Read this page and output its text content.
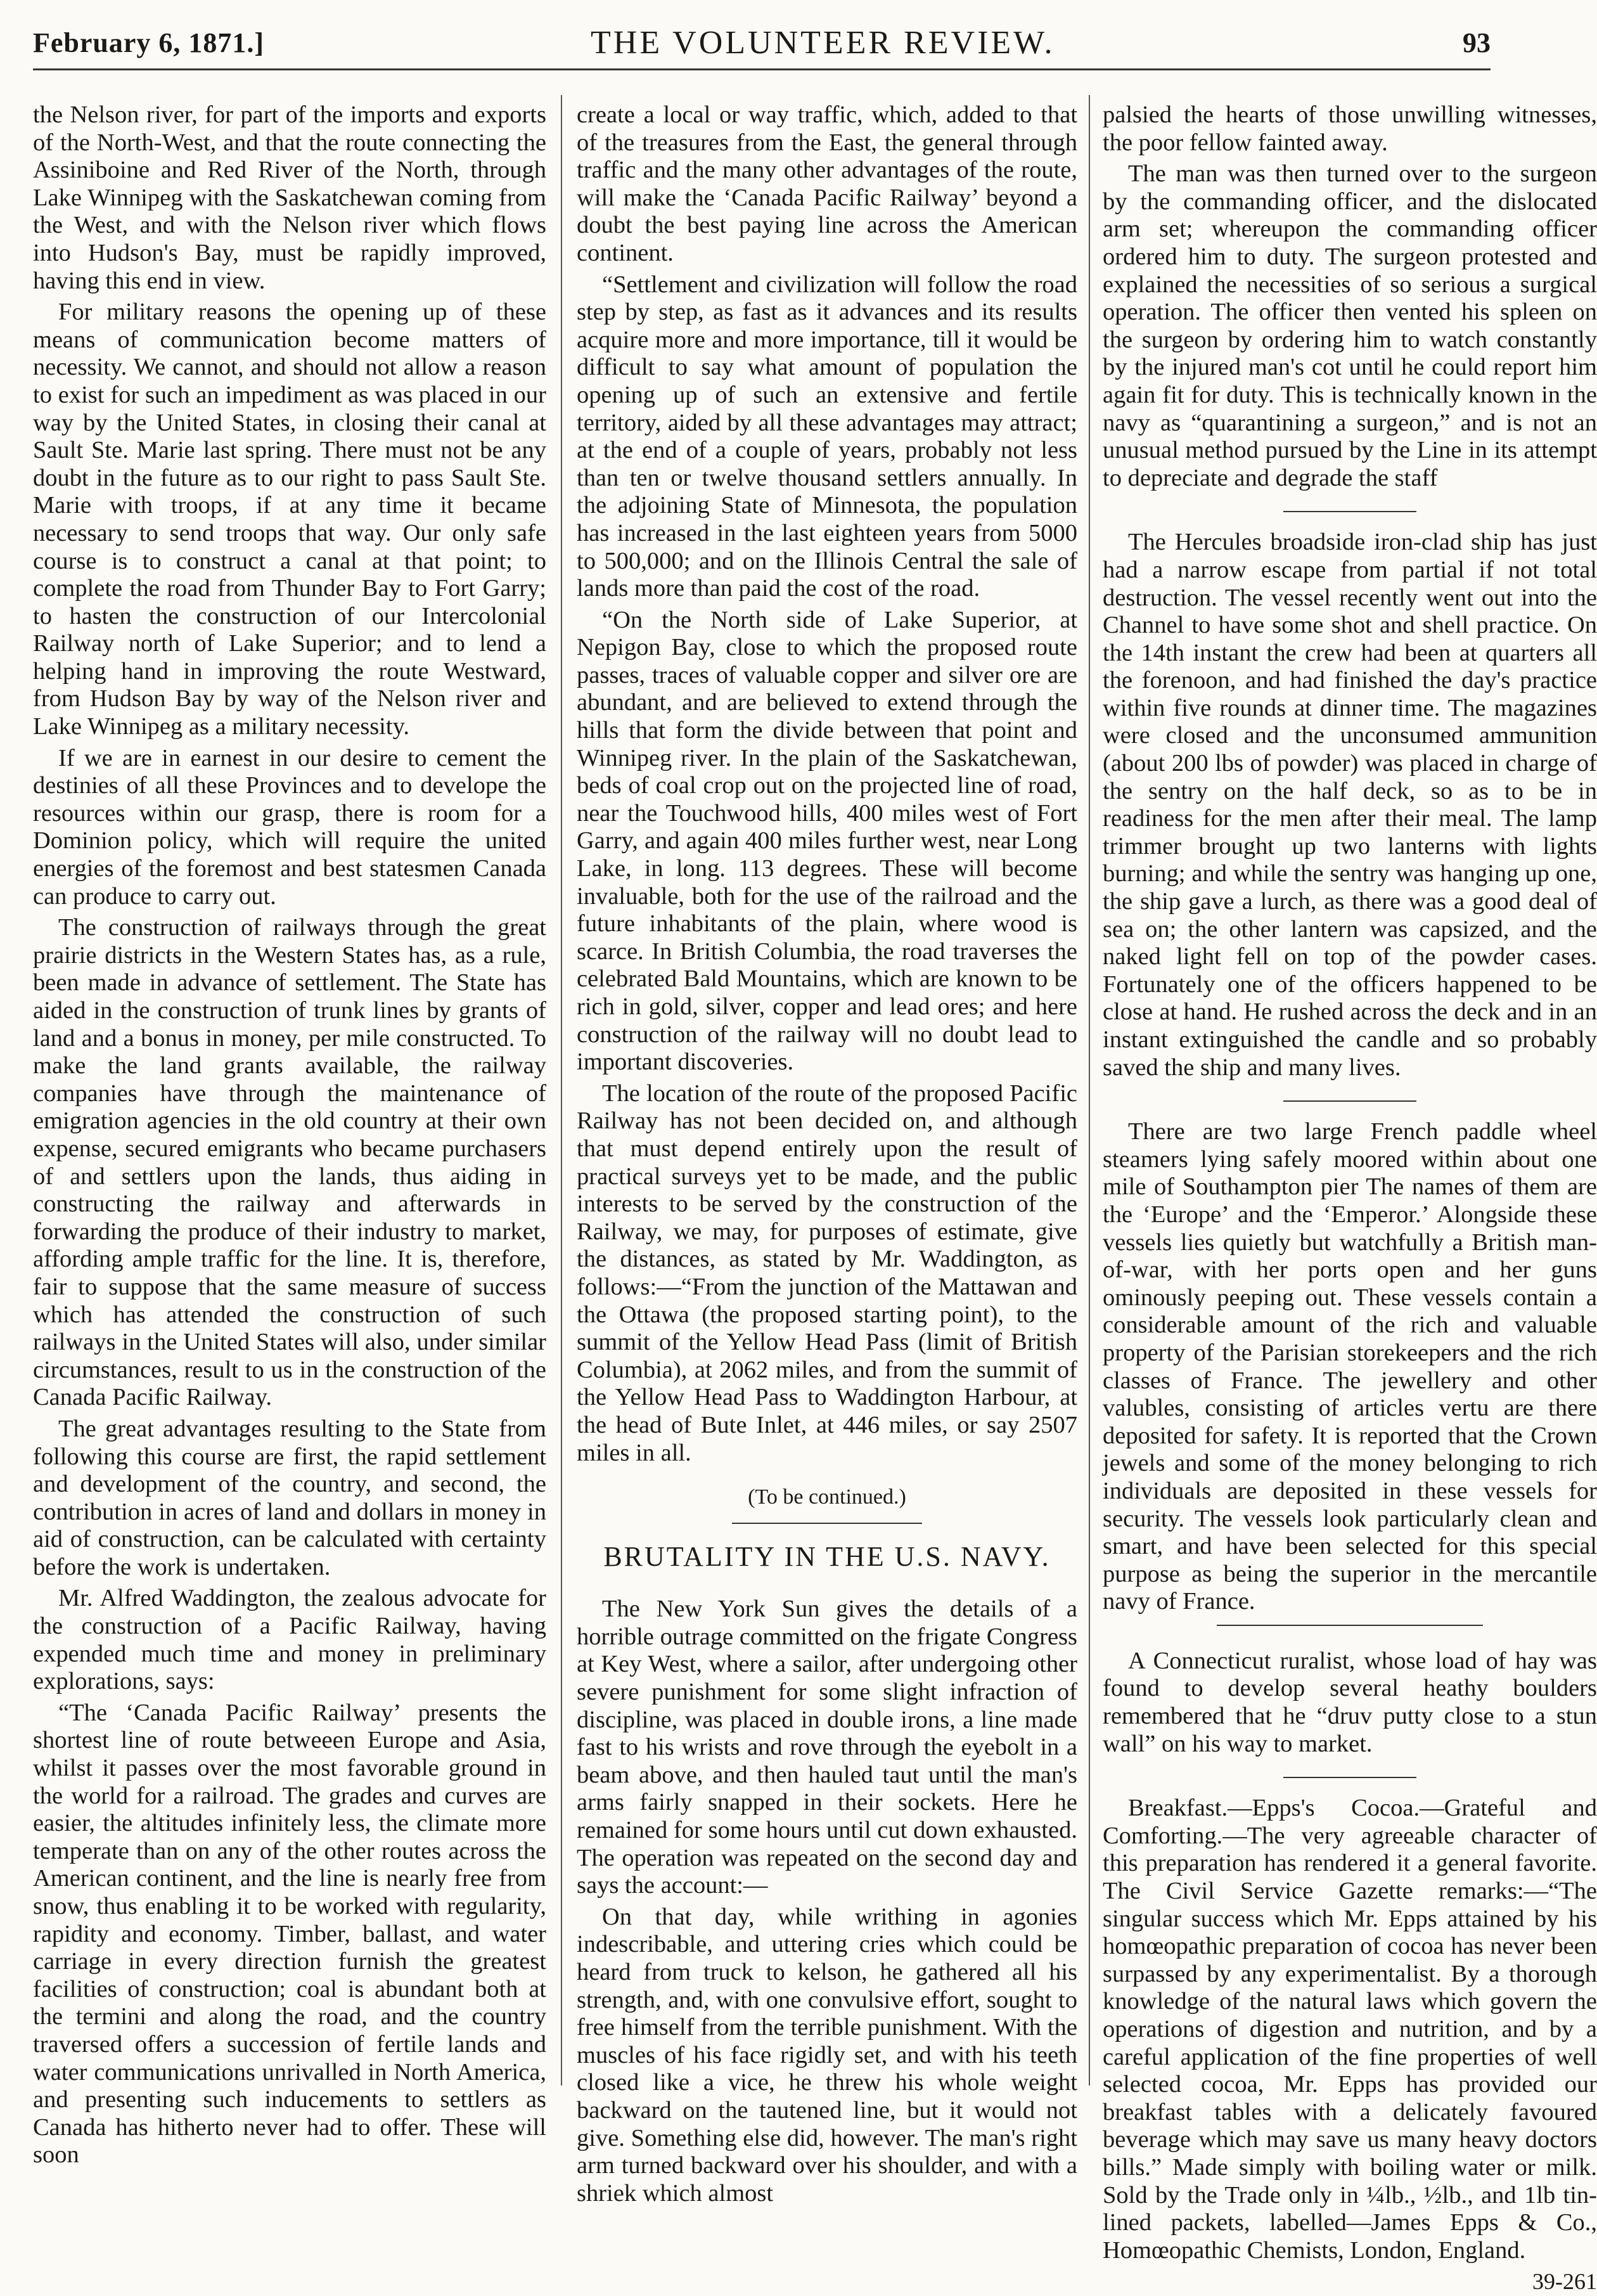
February 6, 1871.]	THE VOLUNTEER REVIEW.	93

the Nelson river, for part of the imports and exports of the North-West, and that the route connecting the Assiniboine and Red River of the North, through Lake Winnipeg with the Saskatchewan coming from the West, and with the Nelson river which flows into Hudson's Bay, must be rapidly improved, having this end in view.

For military reasons the opening up of these means of communication become matters of necessity. We cannot, and should not allow a reason to exist for such an impediment as was placed in our way by the United States, in closing their canal at Sault Ste. Marie last spring. There must not be any doubt in the future as to our right to pass Sault Ste. Marie with troops, if at any time it became necessary to send troops that way. Our only safe course is to construct a canal at that point; to complete the road from Thunder Bay to Fort Garry; to hasten the construction of our Intercolonial Railway north of Lake Superior; and to lend a helping hand in improving the route Westward, from Hudson Bay by way of the Nelson river and Lake Winnipeg as a military necessity.

If we are in earnest in our desire to cement the destinies of all these Provinces and to develope the resources within our grasp, there is room for a Dominion policy, which will require the united energies of the foremost and best statesmen Canada can produce to carry out.

The construction of railways through the great prairie districts in the Western States has, as a rule, been made in advance of settlement. The State has aided in the construction of trunk lines by grants of land and a bonus in money, per mile constructed. To make the land grants available, the railway companies have through the maintenance of emigration agencies in the old country at their own expense, secured emigrants who became purchasers of and settlers upon the lands, thus aiding in constructing the railway and afterwards in forwarding the produce of their industry to market, affording ample traffic for the line. It is, therefore, fair to suppose that the same measure of success which has attended the construction of such railways in the United States will also, under similar circumstances, result to us in the construction of the Canada Pacific Railway.

The great advantages resulting to the State from following this course are first, the rapid settlement and development of the country, and second, the contribution in acres of land and dollars in money in aid of construction, can be calculated with certainty before the work is undertaken.

Mr. Alfred Waddington, the zealous advocate for the construction of a Pacific Railway, having expended much time and money in preliminary explorations, says:

“The ‘Canada Pacific Railway’ presents the shortest line of route betweeen Europe and Asia, whilst it passes over the most favorable ground in the world for a railroad. The grades and curves are easier, the altitudes infinitely less, the climate more temperate than on any of the other routes across the American continent, and the line is nearly free from snow, thus enabling it to be worked with regularity, rapidity and economy. Timber, ballast, and water carriage in every direction furnish the greatest facilities of construction; coal is abundant both at the termini and along the road, and the country traversed offers a succession of fertile lands and water communications unrivalled in North America, and presenting such inducements to settlers as Canada has hitherto never had to offer. These will soon

create a local or way traffic, which, added to that of the treasures from the East, the general through traffic and the many other advantages of the route, will make the ‘Canada Pacific Railway’ beyond a doubt the best paying line across the American continent.

“Settlement and civilization will follow the road step by step, as fast as it advances and its results acquire more and more importance, till it would be difficult to say what amount of population the opening up of such an extensive and fertile territory, aided by all these advantages may attract; at the end of a couple of years, probably not less than ten or twelve thousand settlers annually. In the adjoining State of Minnesota, the population has increased in the last eighteen years from 5000 to 500,000; and on the Illinois Central the sale of lands more than paid the cost of the road.

“On the North side of Lake Superior, at Nepigon Bay, close to which the proposed route passes, traces of valuable copper and silver ore are abundant, and are believed to extend through the hills that form the divide between that point and Winnipeg river. In the plain of the Saskatchewan, beds of coal crop out on the projected line of road, near the Touchwood hills, 400 miles west of Fort Garry, and again 400 miles further west, near Long Lake, in long. 113 degrees. These will become invaluable, both for the use of the railroad and the future inhabitants of the plain, where wood is scarce. In British Columbia, the road traverses the celebrated Bald Mountains, which are known to be rich in gold, silver, copper and lead ores; and here construction of the railway will no doubt lead to important discoveries.

The location of the route of the proposed Pacific Railway has not been decided on, and although that must depend entirely upon the result of practical surveys yet to be made, and the public interests to be served by the construction of the Railway, we may, for purposes of estimate, give the distances, as stated by Mr. Waddington, as follows:—“From the junction of the Mattawan and the Ottawa (the proposed starting point), to the summit of the Yellow Head Pass (limit of British Columbia), at 2062 miles, and from the summit of the Yellow Head Pass to Waddington Harbour, at the head of Bute Inlet, at 446 miles, or say 2507 miles in all.

(To be continued.)

BRUTALITY IN THE U.S. NAVY.

The New York Sun gives the details of a horrible outrage committed on the frigate Congress at Key West, where a sailor, after undergoing other severe punishment for some slight infraction of discipline, was placed in double irons, a line made fast to his wrists and rove through the eyebolt in a beam above, and then hauled taut until the man's arms fairly snapped in their sockets. Here he remained for some hours until cut down exhausted. The operation was repeated on the second day and says the account:—

On that day, while writhing in agonies indescribable, and uttering cries which could be heard from truck to kelson, he gathered all his strength, and, with one convulsive effort, sought to free himself from the terrible punishment. With the muscles of his face rigidly set, and with his teeth closed like a vice, he threw his whole weight backward on the tautened line, but it would not give. Something else did, however. The man's right arm turned backward over his shoulder, and with a shriek which almost

palsied the hearts of those unwilling witnesses, the poor fellow fainted away.

The man was then turned over to the surgeon by the commanding officer, and the dislocated arm set; whereupon the commanding officer ordered him to duty. The surgeon protested and explained the necessities of so serious a surgical operation. The officer then vented his spleen on the surgeon by ordering him to watch constantly by the injured man's cot until he could report him again fit for duty. This is technically known in the navy as “quarantining a surgeon,” and is not an unusual method pursued by the Line in its attempt to depreciate and degrade the staff

The Hercules broadside iron-clad ship has just had a narrow escape from partial if not total destruction. The vessel recently went out into the Channel to have some shot and shell practice. On the 14th instant the crew had been at quarters all the forenoon, and had finished the day's practice within five rounds at dinner time. The magazines were closed and the unconsumed ammunition (about 200 lbs of powder) was placed in charge of the sentry on the half deck, so as to be in readiness for the men after their meal. The lamp trimmer brought up two lanterns with lights burning; and while the sentry was hanging up one, the ship gave a lurch, as there was a good deal of sea on; the other lantern was capsized, and the naked light fell on top of the powder cases. Fortunately one of the officers happened to be close at hand. He rushed across the deck and in an instant extinguished the candle and so probably saved the ship and many lives.

There are two large French paddle wheel steamers lying safely moored within about one mile of Southampton pier The names of them are the ‘Europe’ and the ‘Emperor.’ Alongside these vessels lies quietly but watchfully a British man-of-war, with her ports open and her guns ominously peeping out. These vessels contain a considerable amount of the rich and valuable property of the Parisian storekeepers and the rich classes of France. The jewellery and other valubles, consisting of articles vertu are there deposited for safety. It is reported that the Crown jewels and some of the money belonging to rich individuals are deposited in these vessels for security. The vessels look particularly clean and smart, and have been selected for this special purpose as being the superior in the mercantile navy of France.

A Connecticut ruralist, whose load of hay was found to develop several heathy boulders remembered that he “druv putty close to a stun wall” on his way to market.

Breakfast.—Epps's Cocoa.—Grateful and Comforting.—The very agreeable character of this preparation has rendered it a general favorite. The Civil Service Gazette remarks:—“The singular success which Mr. Epps attained by his homœopathic preparation of cocoa has never been surpassed by any experimentalist. By a thorough knowledge of the natural laws which govern the operations of digestion and nutrition, and by a careful application of the fine properties of well selected cocoa, Mr. Epps has provided our breakfast tables with a delicately favoured beverage which may save us many heavy doctors bills.” Made simply with boiling water or milk. Sold by the Trade only in ¼lb., ½lb., and 1lb tin-lined packets, labelled—James Epps & Co., Homœopathic Chemists, London, England.

39-261
